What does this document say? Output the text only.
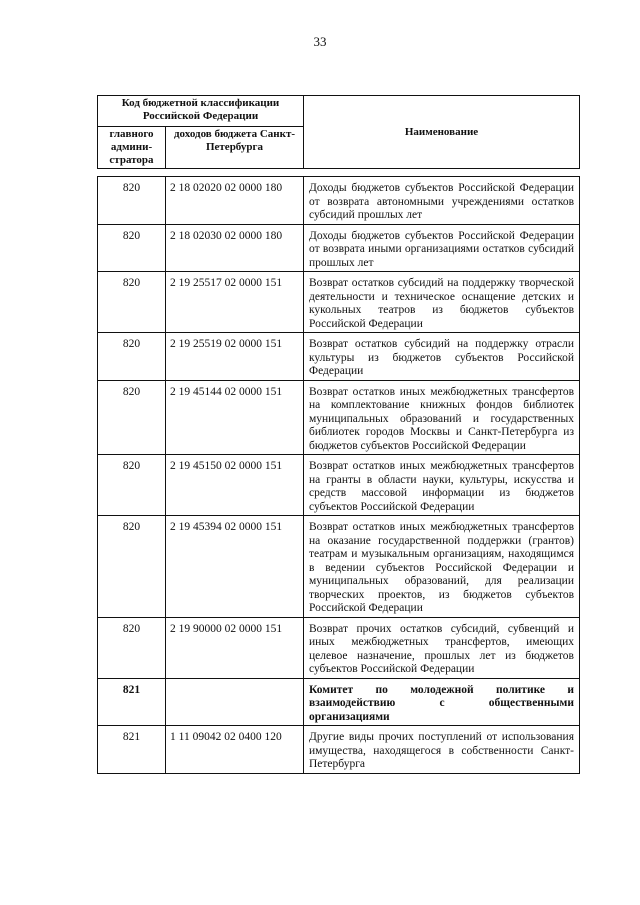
33
Код бюджетной классификации Российской Федерации		Наименование
главного админи-стратора	доходов бюджета Санкт-Петербурга	
820	2 18 02020 02 0000 180	Доходы бюджетов субъектов Российской Федерации от возврата автономными учреждениями остатков субсидий прошлых лет
820	2 18 02030 02 0000 180	Доходы бюджетов субъектов Российской Федерации от возврата иными организациями остатков субсидий прошлых лет
820	2 19 25517 02 0000 151	Возврат остатков субсидий на поддержку творческой деятельности и техническое оснащение детских и кукольных театров из бюджетов субъектов Российской Федерации
820	2 19 25519 02 0000 151	Возврат остатков субсидий на поддержку отрасли культуры из бюджетов субъектов Российской Федерации
820	2 19 45144 02 0000 151	Возврат остатков иных межбюджетных трансфертов на комплектование книжных фондов библиотек муниципальных образований и государственных библиотек городов Москвы и Санкт-Петербурга из бюджетов субъектов Российской Федерации
820	2 19 45150 02 0000 151	Возврат остатков иных межбюджетных трансфертов на гранты в области науки, культуры, искусства и средств массовой информации из бюджетов субъектов Российской Федерации
820	2 19 45394 02 0000 151	Возврат остатков иных межбюджетных трансфертов на оказание государственной поддержки (грантов) театрам и музыкальным организациям, находящимся в ведении субъектов Российской Федерации и муниципальных образований, для реализации творческих проектов, из бюджетов субъектов Российской Федерации
820	2 19 90000 02 0000 151	Возврат прочих остатков субсидий, субвенций и иных межбюджетных трансфертов, имеющих целевое назначение, прошлых лет из бюджетов субъектов Российской Федерации
821		Комитет по молодежной политике и взаимодействию с общественными организациями
821	1 11 09042 02 0400 120	Другие виды прочих поступлений от использования имущества, находящегося в собственности Санкт-Петербурга
